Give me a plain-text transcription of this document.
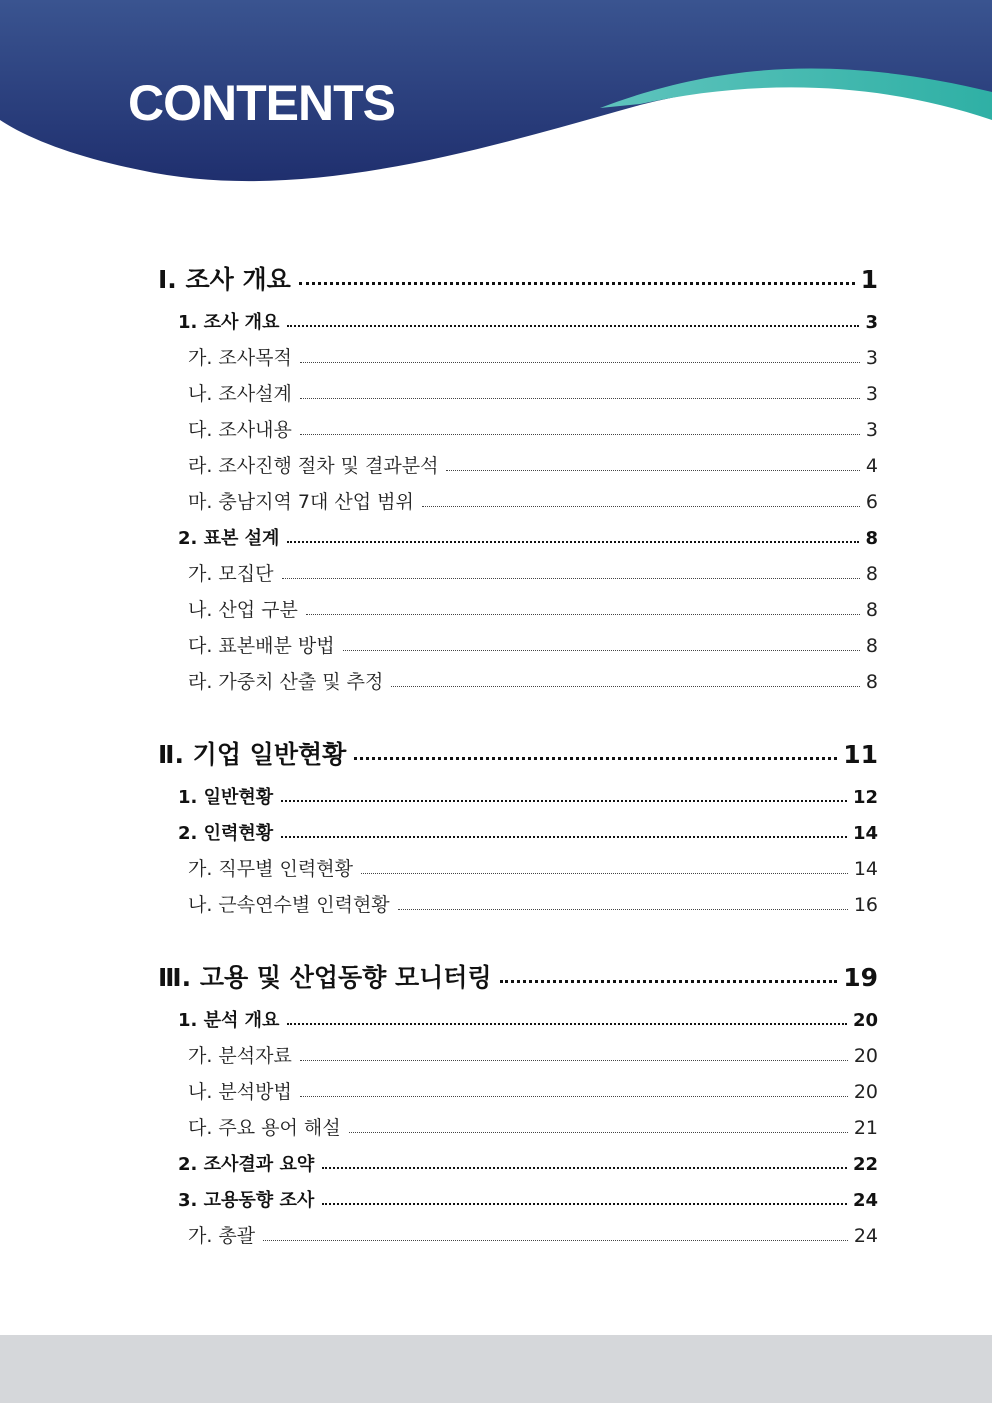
CONTENTS
Ⅰ. 조사 개요	1
1. 조사 개요	3
가. 조사목적	3
나. 조사설계	3
다. 조사내용	3
라. 조사진행 절차 및 결과분석	4
마. 충남지역 7대 산업 범위	6
2. 표본 설계	8
가. 모집단	8
나. 산업 구분	8
다. 표본배분 방법	8
라. 가중치 산출 및 추정	8
Ⅱ. 기업 일반현황	11
1. 일반현황	12
2. 인력현황	14
가. 직무별 인력현황	14
나. 근속연수별 인력현황	16
Ⅲ. 고용 및 산업동향 모니터링	19
1. 분석 개요	20
가. 분석자료	20
나. 분석방법	20
다. 주요 용어 해설	21
2. 조사결과 요약	22
3. 고용동향 조사	24
가. 총괄	24
